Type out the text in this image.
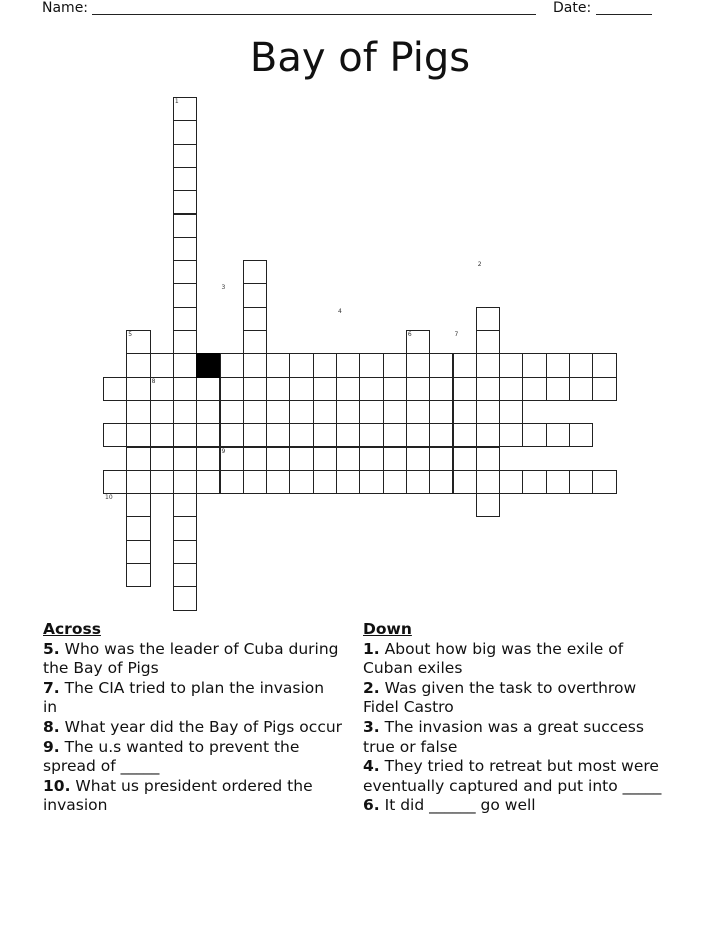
Name:	Date:
Bay of Pigs
1
2
3
4
5	6	7
8
9
10
Across

5. Who was the leader of Cuba during the Bay of Pigs

7. The CIA tried to plan the invasion in

8. What year did the Bay of Pigs occur

9. The u.s wanted to prevent the spread of _____

10. What us president ordered the invasion

Down

1. About how big was the exile of Cuban exiles

2. Was given the task to overthrow Fidel Castro

3. The invasion was a great success true or false

4. They tried to retreat but most were eventually captured and put into _____

6. It did ______ go well
